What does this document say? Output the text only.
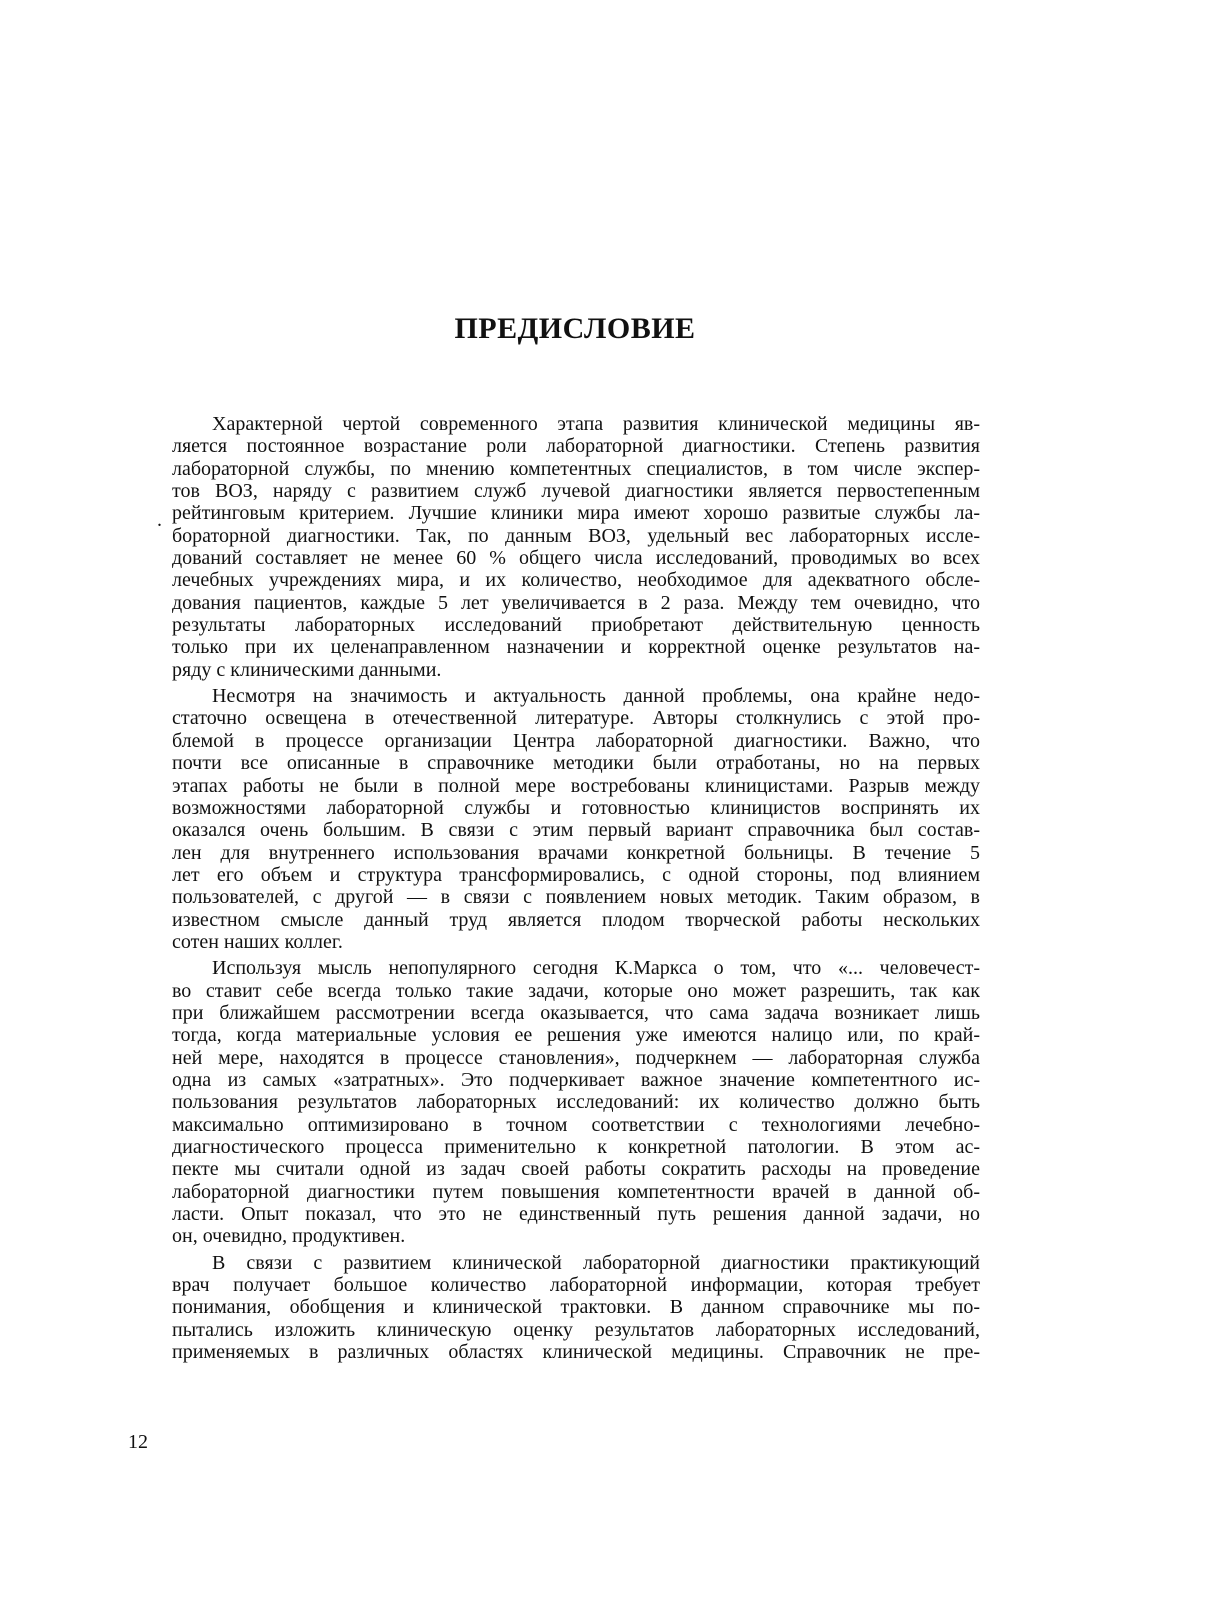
ПРЕДИСЛОВИЕ
.
Характерной чертой современного этапа развития клинической медицины яв-
ляется постоянное возрастание роли лабораторной диагностики. Степень развития
лабораторной службы, по мнению компетентных специалистов, в том числе экспер-
тов ВОЗ, наряду с развитием служб лучевой диагностики является первостепенным
рейтинговым критерием. Лучшие клиники мира имеют хорошо развитые службы ла-
бораторной диагностики. Так, по данным ВОЗ, удельный вес лабораторных иссле-
дований составляет не менее 60 % общего числа исследований, проводимых во всех
лечебных учреждениях мира, и их количество, необходимое для адекватного обсле-
дования пациентов, каждые 5 лет увеличивается в 2 раза. Между тем очевидно, что
результаты лабораторных исследований приобретают действительную ценность
только при их целенаправленном назначении и корректной оценке результатов на-
ряду с клиническими данными.
Несмотря на значимость и актуальность данной проблемы, она крайне недо-
статочно освещена в отечественной литературе. Авторы столкнулись с этой про-
блемой в процессе организации Центра лабораторной диагностики. Важно, что
почти все описанные в справочнике методики были отработаны, но на первых
этапах работы не были в полной мере востребованы клиницистами. Разрыв между
возможностями лабораторной службы и готовностью клиницистов воспринять их
оказался очень большим. В связи с этим первый вариант справочника был состав-
лен для внутреннего использования врачами конкретной больницы. В течение 5
лет его объем и структура трансформировались, с одной стороны, под влиянием
пользователей, с другой — в связи с появлением новых методик. Таким образом, в
известном смысле данный труд является плодом творческой работы нескольких
сотен наших коллег.
Используя мысль непопулярного сегодня К.Маркса о том, что «... человечест-
во ставит себе всегда только такие задачи, которые оно может разрешить, так как
при ближайшем рассмотрении всегда оказывается, что сама задача возникает лишь
тогда, когда материальные условия ее решения уже имеются налицо или, по край-
ней мере, находятся в процессе становления», подчеркнем — лабораторная служба
одна из самых «затратных». Это подчеркивает важное значение компетентного ис-
пользования результатов лабораторных исследований: их количество должно быть
максимально оптимизировано в точном соответствии с технологиями лечебно-
диагностического процесса применительно к конкретной патологии. В этом ас-
пекте мы считали одной из задач своей работы сократить расходы на проведение
лабораторной диагностики путем повышения компетентности врачей в данной об-
ласти. Опыт показал, что это не единственный путь решения данной задачи, но
он, очевидно, продуктивен.
В связи с развитием клинической лабораторной диагностики практикующий
врач получает большое количество лабораторной информации, которая требует
понимания, обобщения и клинической трактовки. В данном справочнике мы по-
пытались изложить клиническую оценку результатов лабораторных исследований,
применяемых в различных областях клинической медицины. Справочник не пре-
12
